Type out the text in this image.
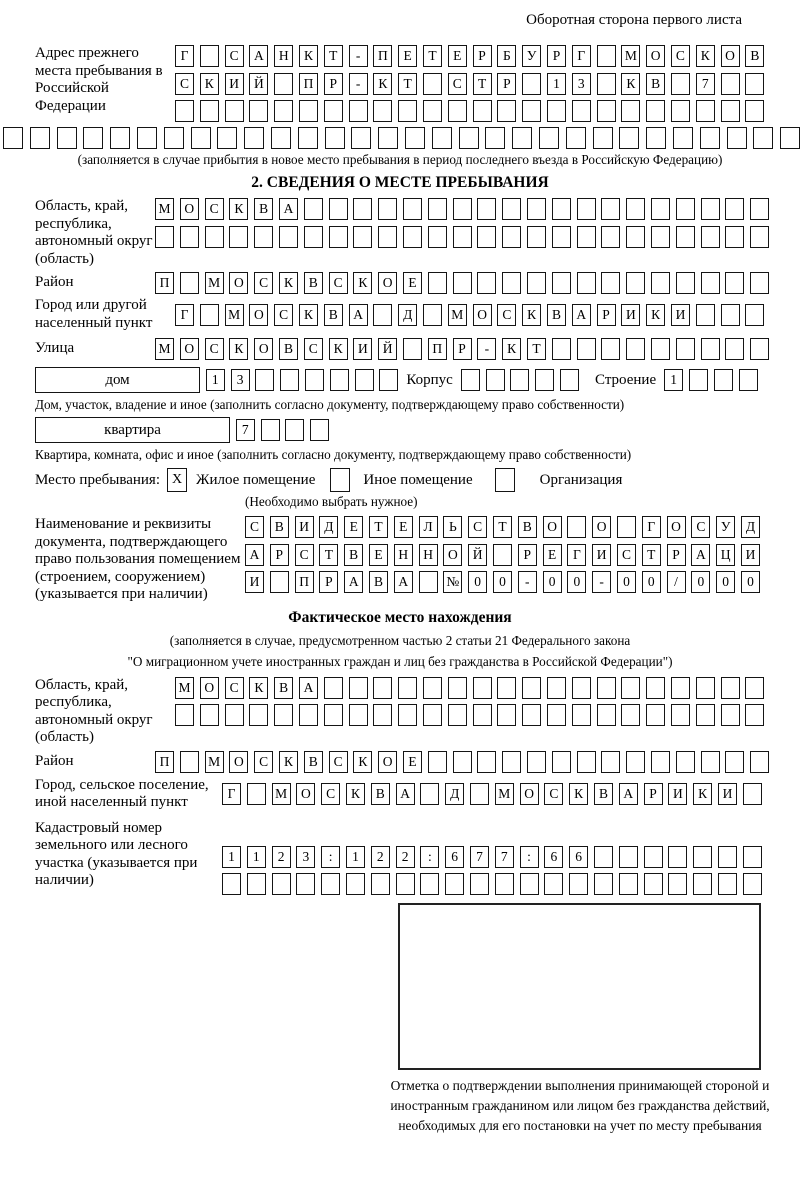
Оборотная сторона первого листа
Адрес прежнего места пребывания в Российской Федерации
Г	С	А	Н	К	Т	-	П	Е	Т	Е	Р	Б	У	Р	Г	М	О	С	К	О	В
С	К	И	Й	П	Р	-	К	Т	С	Т	Р	1	3	К	В	7
(заполняется в случае прибытия в новое место пребывания в период последнего въезда в Российскую Федерацию)
2. СВЕДЕНИЯ О МЕСТЕ ПРЕБЫВАНИЯ
Область, край, республика, автономный округ (область)
М	О	С	К	В	А
Район	П	М	О	С	К	В	С	К	О	Е
Город или другой населенный пункт
Г	М	О	С	К	В	А	Д	М	О	С	К	В	А	Р	И	К	И
Улица	М	О	С	К	О	В	С	К	И	Й	П	Р	-	К	Т
дом	1	3	Корпус	Строение	1
Дом, участок, владение и иное (заполнить согласно документу, подтверждающему право собственности)
квартира	7
Квартира, комната, офис и иное (заполнить согласно документу, подтверждающему право собственности)
Место пребывания: X Жилое помещение	Иное помещение	Организация
(Необходимо выбрать нужное)
Наименование и реквизиты документа, подтверждающего право пользования помещением (строением, сооружением) (указывается при наличии)
С	В	И	Д	Е	Т	Е	Л	Ь	С	Т	В	О	О	Г	О	С	У	Д
А	Р	С	Т	В	Е	Н	Н	О	Й	Р	Е	Г	И	С	Т	Р	А	Ц	И
И	П	Р	А	В	А	№	0	0	-	0	0	-	0	0	/	0	0	0
Фактическое место нахождения
(заполняется в случае, предусмотренном частью 2 статьи 21 Федерального закона
"О миграционном учете иностранных граждан и лиц без гражданства в Российской Федерации")
Область, край, республика, автономный округ (область)
М	О	С	К	В	А
Район	П	М	О	С	К	В	С	К	О	Е
Город, сельское поселение, иной населенный пункт
Г	М	О	С	К	В	А	Д	М	О	С	К	В	А	Р	И	К	И
Кадастровый номер земельного или лесного участка (указывается при наличии)
1	1	2	3	:	1	2	2	:	6	7	7	:	6	6
Отметка о подтверждении выполнения принимающей стороной и иностранным гражданином или лицом без гражданства действий, необходимых для его постановки на учет по месту пребывания
